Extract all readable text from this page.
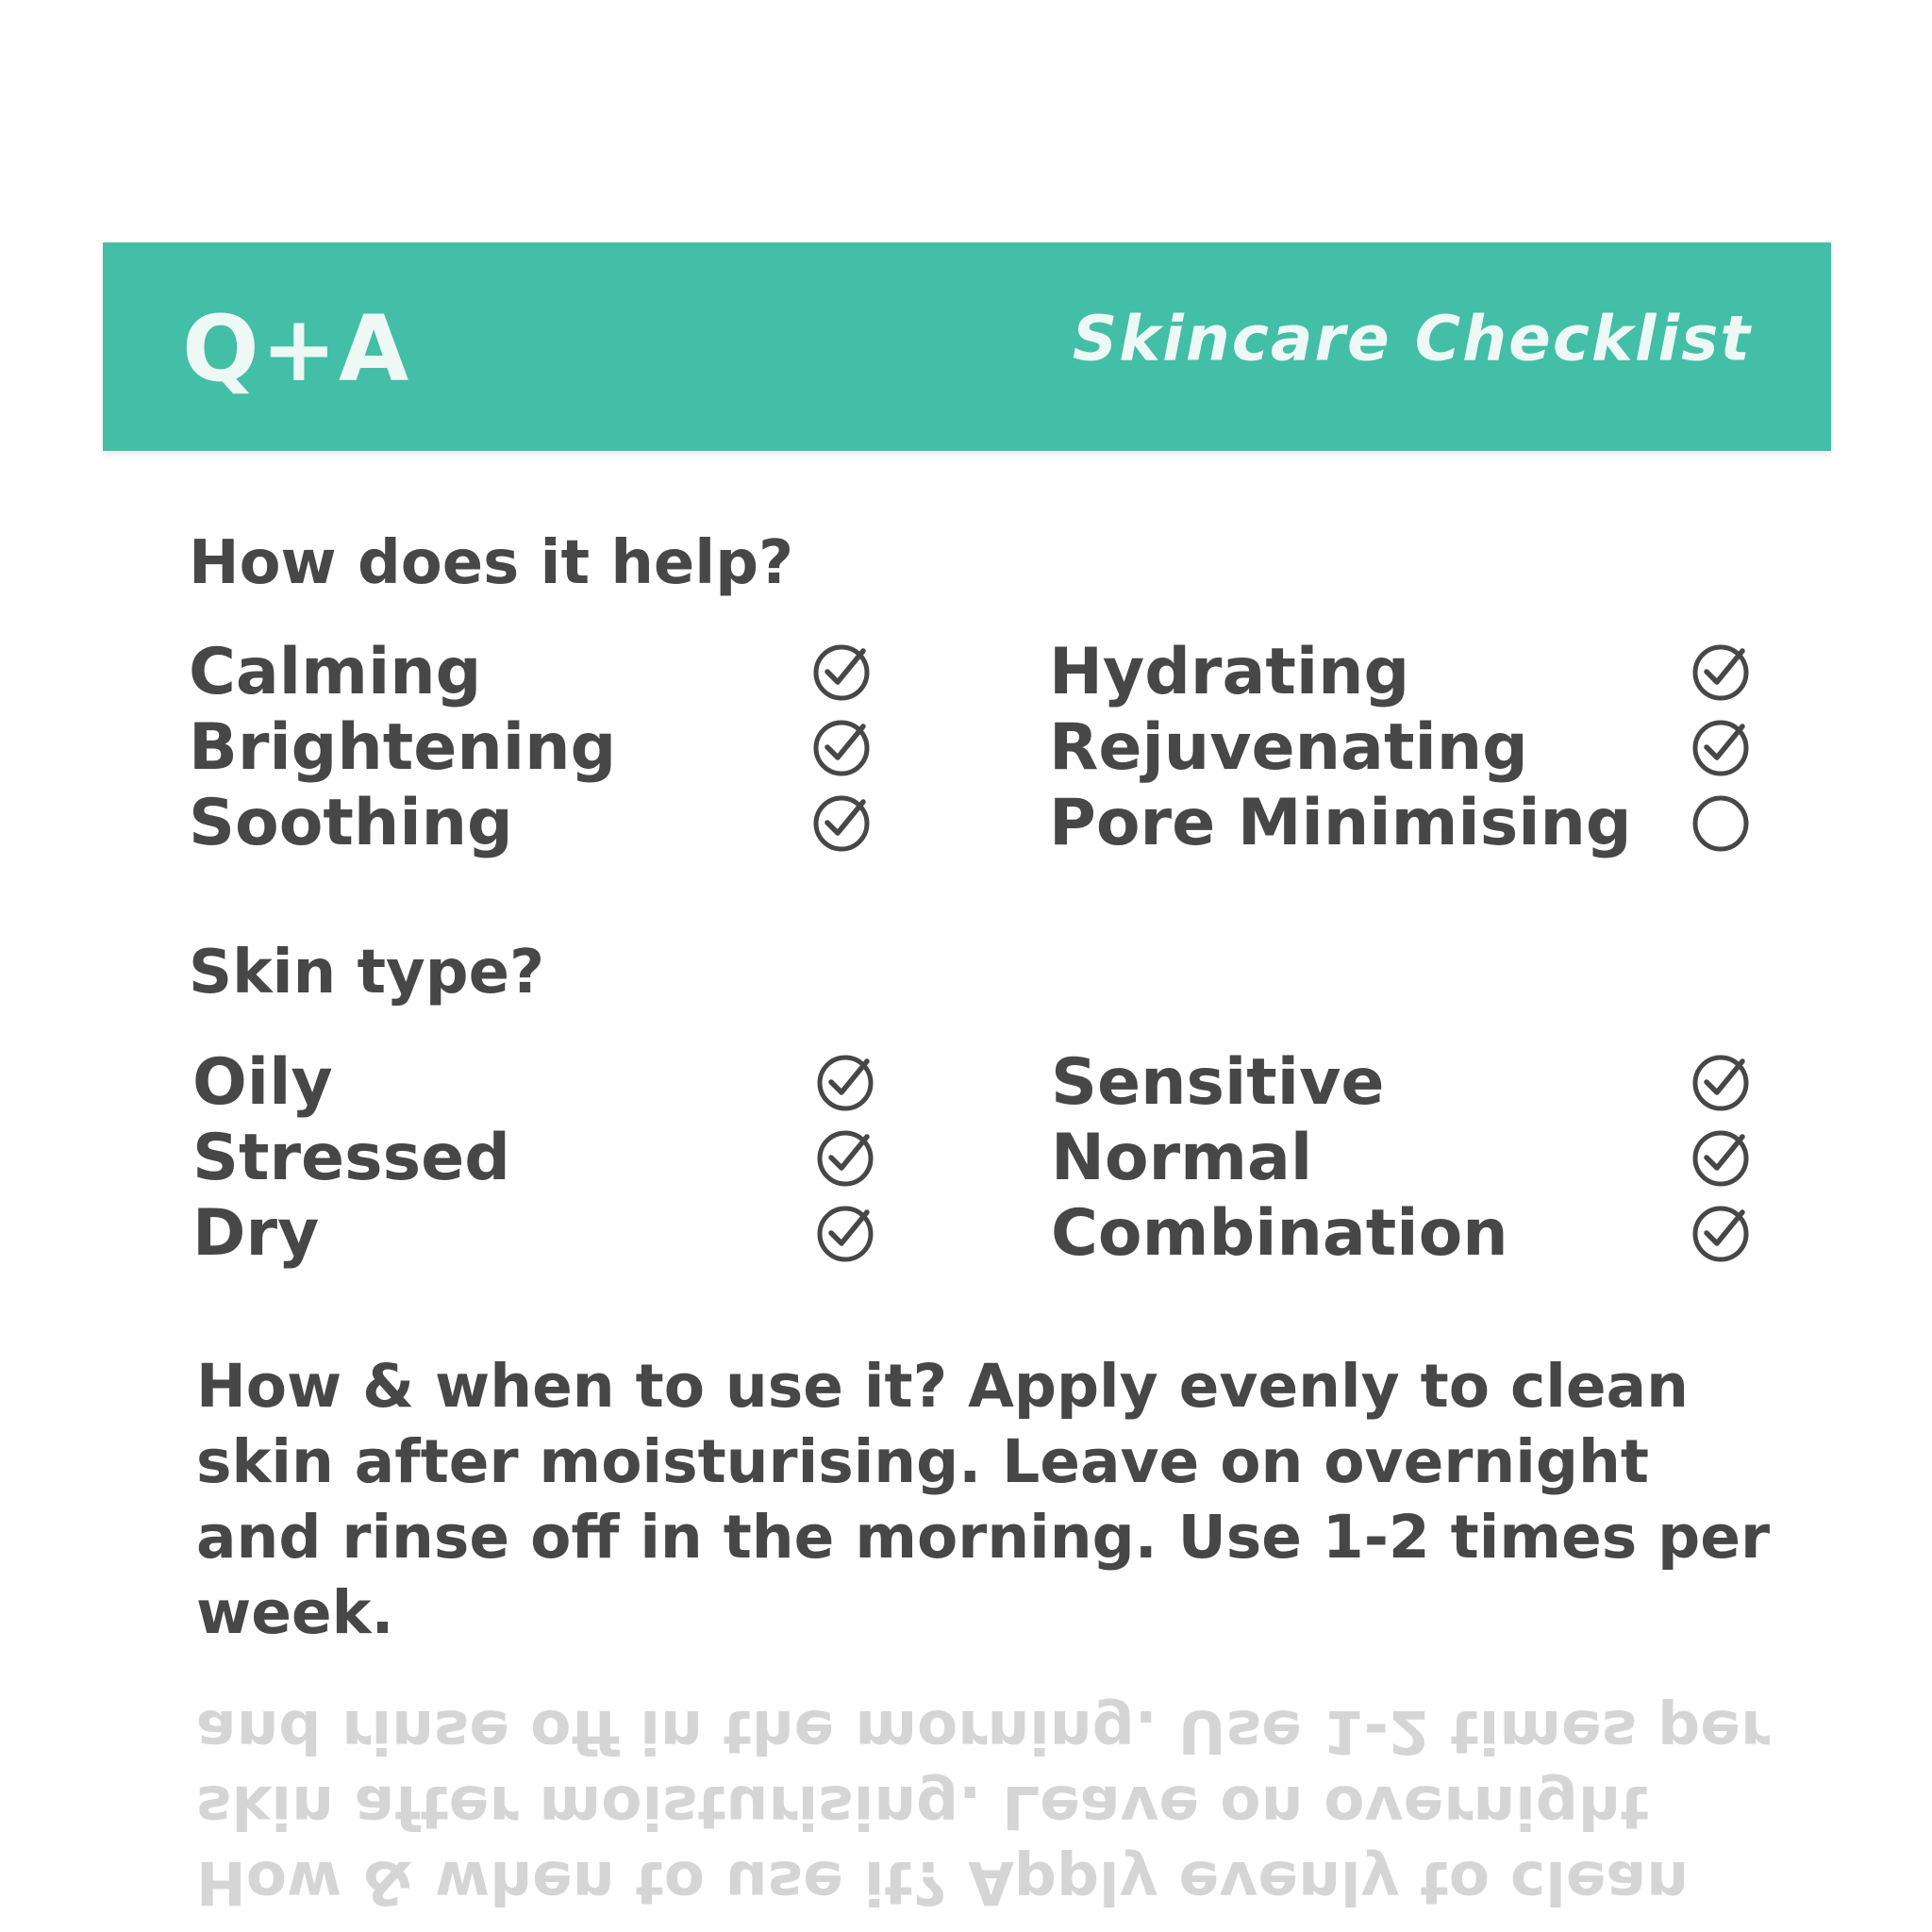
Q+A	Skincare Checklist
How does it help?
Calming
Brightening
Soothing
Hydrating
Rejuvenating
Pore Minimising
Skin type?
Oily
Stressed
Dry
Sensitive
Normal
Combination
How & when to use it? Apply evenly to clean skin after moisturising. Leave on overnight and rinse off in the morning. Use 1-2 times per week.
How & when to use it? Apply evenly to clean skin after moisturising. Leave on overnight and rinse off in the morning. Use 1-2 times per
